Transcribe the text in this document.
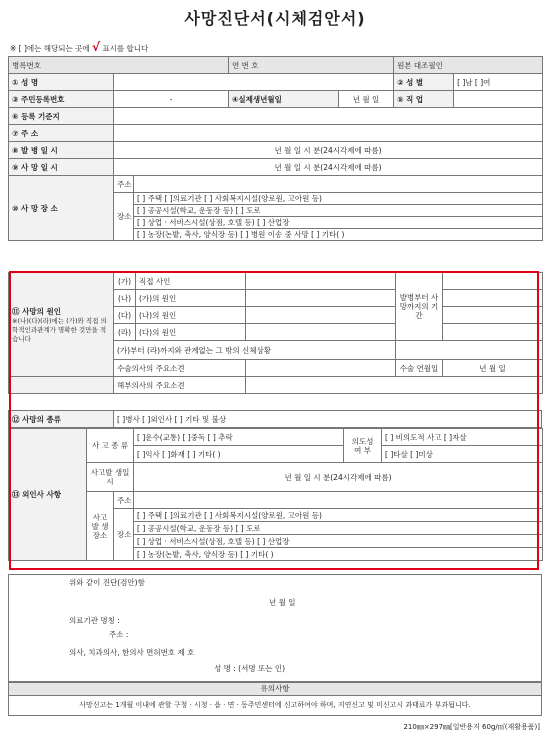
사망진단서(시체검안서)
※ [ ]에는 해당되는 곳에 √ 표시를 합니다
병록번호			연 번 호		원본 대조필인	
① 성 명					② 성 별	[ ]남 [ ]여
③ 주민등록번호	-		④실제생년월일	년 월 일	⑤ 직 업	
⑥ 등록 기준지						
⑦ 주 소						
⑧ 발 병 일 시	년 월 일 시 분(24시각제에 따름)					
⑨ 사 망 일 시	년 월 일 시 분(24시각제에 따름)					
⑩ 사 망 장 소	주소					
	장소	[ ] 주택 [ ]의료기관 [ ] 사회복지시설(양로원, 고아원 등)				
		[ ] 공공시설(학교, 운동장 등) [ ] 도로				
		[ ] 상업 · 서비스시설(상점, 호텔 등) [ ] 산업장				
		[ ] 농장(논밭, 축사, 양식장 등) [ ] 병원 이송 중 사망 [ ] 기타( )				
⑪ 사망의 원인
※(나)(다)(라)에는 (가)와 직접 의학적인과관계가 명확한 것만을 적습니다	(가)	직접 사인		발병부터 사망까지의 기간	
	(나)	(가)의 원인			
	(다)	(나)의 원인			
	(라)	(다)의 원인			
	(가)부터 (라)까지와 관계없는 그 밖의 신체상황				
	수술의사의 주요소견			수술 연월일	년 월 일
	해부의사의 주요소견				
⑫ 사망의 종류	[ ]병사 [ ]외인사 [ ] 기타 및 불상
⑬ 외인사 사항	사 고 종 류		[ ]운수(교통) [ ]중독 [ ] 추락	의도성 여 부	[ ] 비의도적 사고 [ ]자살
			[ ]익사 [ ]화재 [ ] 기타( )		[ ]타살 [ ]미상
	사고발 생일시		년 월 일 시 분(24시각제에 따름)		
	사고발 생장소	주소			
		장소	[ ] 주택 [ ]의료기관 [ ] 사회복지시설(양로원, 고아원 등)		
			[ ] 공공시설(학교, 운동장 등) [ ] 도로		
			[ ] 상업 · 서비스시설(상점, 호텔 등) [ ] 산업장		
			[ ] 농장(논밭, 축사, 양식장 등) [ ] 기타( )		
위와 같이 진단(검안)함
년 월 일
의료기관 명칭 :
주소 :
의사, 치과의사, 한의사 면허번호 제 호
성 명 : (서명 또는 인)
유의사항
사망신고는 1개월 이내에 관할 구청 · 시청 · 읍 · 면 · 동주민센터에 신고하여야 하며, 지연신고 및 미신고시 과태료가 부과됩니다.
210㎜×297㎜[일반용지 60g/㎡(재활용품)]
